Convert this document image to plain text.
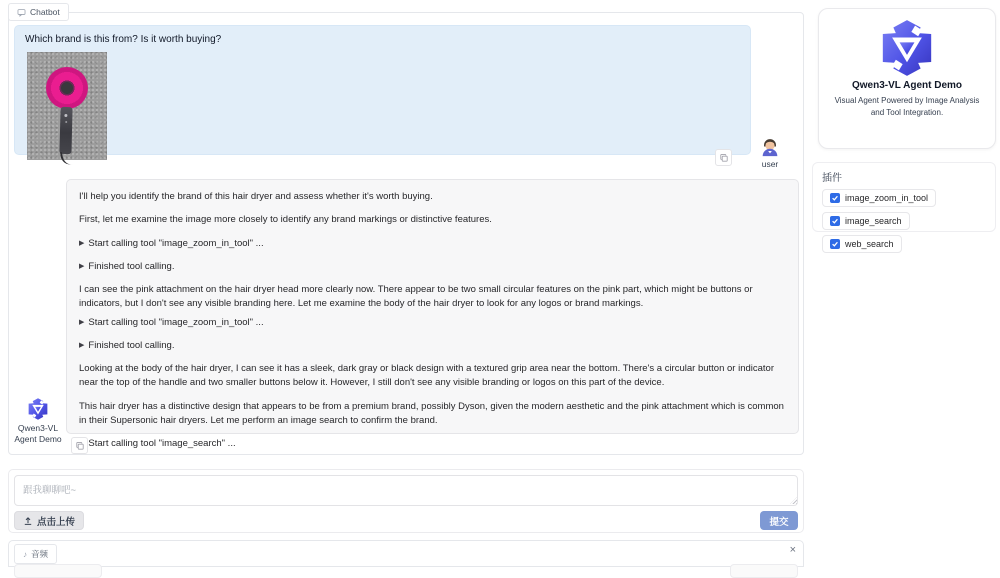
Chatbot
Which brand is this from? Is it worth buying?
user
Qwen3-VL
Agent Demo

I'll help you identify the brand of this hair dryer and assess whether it's worth buying.

First, let me examine the image more closely to identify any brand markings or distinctive features.

▶ Start calling tool "image_zoom_in_tool" ...
▶ Finished tool calling.

I can see the pink attachment on the hair dryer head more clearly now. There appear to be two small circular features on the pink part, which might be buttons or indicators, but I don't see any visible branding here. Let me examine the body of the hair dryer to look for any logos or brand markings.

▶ Start calling tool "image_zoom_in_tool" ...
▶ Finished tool calling.

Looking at the body of the hair dryer, I can see it has a sleek, dark gray or black design with a textured grip area near the bottom. There's a circular button or indicator near the top of the handle and two smaller buttons below it. However, I still don't see any visible branding or logos on this part of the device.

This hair dryer has a distinctive design that appears to be from a premium brand, possibly Dyson, given the modern aesthetic and the pink attachment which is common in their Supersonic hair dryers. Let me perform an image search to confirm the brand.

Start calling tool "image_search" ...
跟我聊聊吧~
点击上传	提交
♪ 音频	×
Qwen3-VL Agent Demo
Visual Agent Powered by Image Analysis and Tool Integration.
插件
image_zoom_in_tool
image_search
web_search
